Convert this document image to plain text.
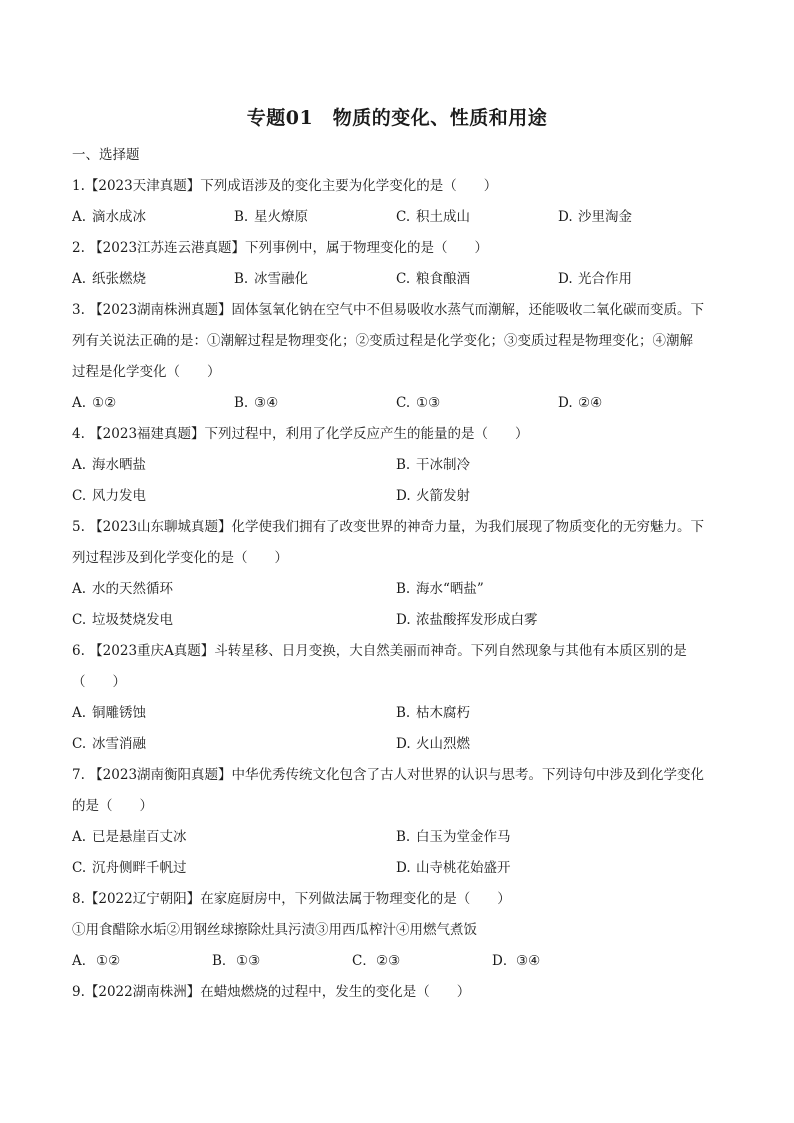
专题01　物质的变化、性质和用途
一、选择题
1.【2023天津真题】下列成语涉及的变化主要为化学变化的是（　　）
A. 滴水成冰	B. 星火燎原	C. 积土成山	D. 沙里淘金
2. 【2023江苏连云港真题】下列事例中，属于物理变化的是（　　）
A. 纸张燃烧	B. 冰雪融化	C. 粮食酿酒	D. 光合作用
3. 【2023湖南株洲真题】固体氢氧化钠在空气中不但易吸收水蒸气而潮解，还能吸收二氧化碳而变质。下
列有关说法正确的是：①潮解过程是物理变化；②变质过程是化学变化；③变质过程是物理变化；④潮解
过程是化学变化（　　）
A. ①②	B. ③④	C. ①③	D. ②④
4. 【2023福建真题】下列过程中，利用了化学反应产生的能量的是（　　）
A. 海水晒盐	B. 干冰制冷
C. 风力发电	D. 火箭发射
5. 【2023山东聊城真题】化学使我们拥有了改变世界的神奇力量，为我们展现了物质变化的无穷魅力。下
列过程涉及到化学变化的是（　　）
A. 水的天然循环	B. 海水“晒盐”
C. 垃圾焚烧发电	D. 浓盐酸挥发形成白雾
6. 【2023重庆A真题】斗转星移、日月变换，大自然美丽而神奇。下列自然现象与其他有本质区别的是
（　　）
A. 铜雕锈蚀	B. 枯木腐朽
C. 冰雪消融	D. 火山烈燃
7. 【2023湖南衡阳真题】中华优秀传统文化包含了古人对世界的认识与思考。下列诗句中涉及到化学变化
的是（　　）
A. 已是悬崖百丈冰	B. 白玉为堂金作马
C. 沉舟侧畔千帆过	D. 山寺桃花始盛开
8.【2022辽宁朝阳】在家庭厨房中，下列做法属于物理变化的是（　　）
①用食醋除水垢②用钢丝球擦除灶具污渍③用西瓜榨汁④用燃气煮饭
A． ①②	B． ①③	C． ②③	D． ③④
9.【2022湖南株洲】在蜡烛燃烧的过程中，发生的变化是（　　）
